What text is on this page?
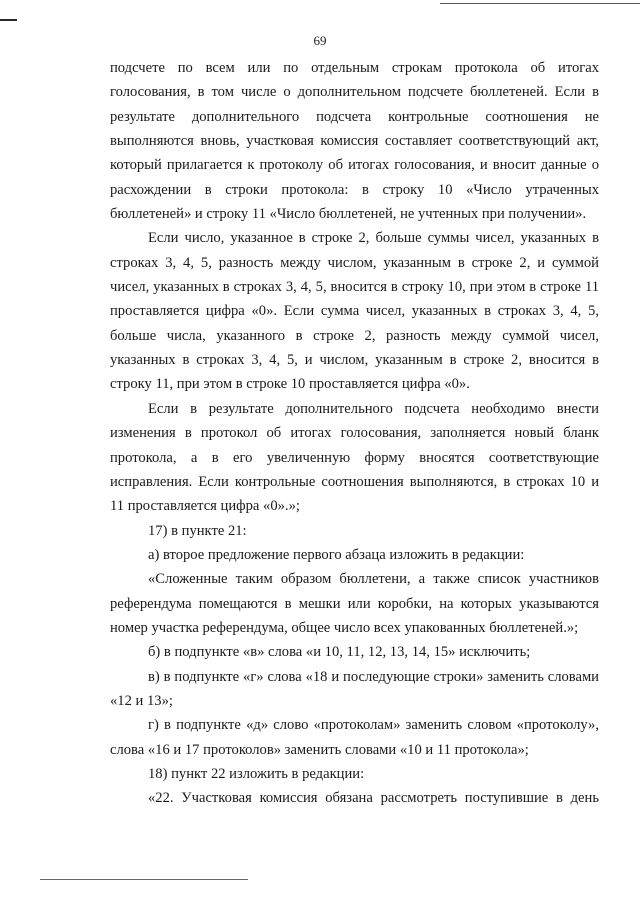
69
подсчете по всем или по отдельным строкам протокола об итогах
голосования, в том числе о дополнительном подсчете бюллетеней. Если в
результате дополнительного подсчета контрольные соотношения не
выполняются вновь, участковая комиссия составляет соответствующий акт,
который прилагается к протоколу об итогах голосования, и вносит данные о
расхождении в строки протокола: в строку 10 «Число утраченных
бюллетеней» и строку 11 «Число бюллетеней, не учтенных при получении».
Если число, указанное в строке 2, больше суммы чисел, указанных в
строках 3, 4, 5, разность между числом, указанным в строке 2, и суммой
чисел, указанных в строках 3, 4, 5, вносится в строку 10, при этом в строке 11
проставляется цифра «0». Если сумма чисел, указанных в строках 3, 4, 5,
больше числа, указанного в строке 2, разность между суммой чисел,
указанных в строках 3, 4, 5, и числом, указанным в строке 2, вносится в
строку 11, при этом в строке 10 проставляется цифра «0».
Если в результате дополнительного подсчета необходимо внести
изменения в протокол об итогах голосования, заполняется новый бланк
протокола, а в его увеличенную форму вносятся соответствующие
исправления. Если контрольные соотношения выполняются, в строках 10 и
11 проставляется цифра «0».»;
17) в пункте 21:
а) второе предложение первого абзаца изложить в редакции:
«Сложенные таким образом бюллетени, а также список участников
референдума помещаются в мешки или коробки, на которых указываются
номер участка референдума, общее число всех упакованных бюллетеней.»;
б) в подпункте «в» слова «и 10, 11, 12, 13, 14, 15» исключить;
в) в подпункте «г» слова «18 и последующие строки» заменить словами
«12 и 13»;
г) в подпункте «д» слово «протоколам» заменить словом «протоколу»,
слова «16 и 17 протоколов» заменить словами «10 и 11 протокола»;
18) пункт 22 изложить в редакции:
«22. Участковая комиссия обязана рассмотреть поступившие в день
